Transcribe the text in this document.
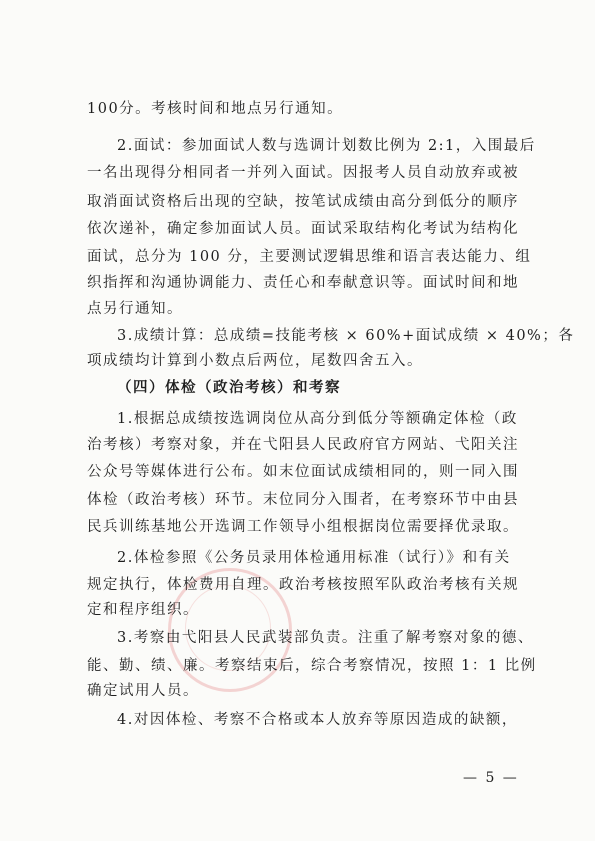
100分。考核时间和地点另行通知。
2.面试：参加面试人数与选调计划数比例为 2:1，入围最后
一名出现得分相同者一并列入面试。因报考人员自动放弃或被
取消面试资格后出现的空缺，按笔试成绩由高分到低分的顺序
依次递补，确定参加面试人员。面试采取结构化考试为结构化
面试，总分为 100 分，主要测试逻辑思维和语言表达能力、组
织指挥和沟通协调能力、责任心和奉献意识等。面试时间和地
点另行通知。
3.成绩计算：总成绩=技能考核 × 60%+面试成绩 × 40%；各
项成绩均计算到小数点后两位，尾数四舍五入。
（四）体检（政治考核）和考察
1.根据总成绩按选调岗位从高分到低分等额确定体检（政
治考核）考察对象，并在弋阳县人民政府官方网站、弋阳关注
公众号等媒体进行公布。如末位面试成绩相同的，则一同入围
体检（政治考核）环节。末位同分入围者，在考察环节中由县
民兵训练基地公开选调工作领导小组根据岗位需要择优录取。
2.体检参照《公务员录用体检通用标准（试行）》和有关
规定执行，体检费用自理。政治考核按照军队政治考核有关规
定和程序组织。
3.考察由弋阳县人民武装部负责。注重了解考察对象的德、
能、勤、绩、廉。考察结束后，综合考察情况，按照 1：1 比例
确定试用人员。
4.对因体检、考察不合格或本人放弃等原因造成的缺额，
— 5 —
